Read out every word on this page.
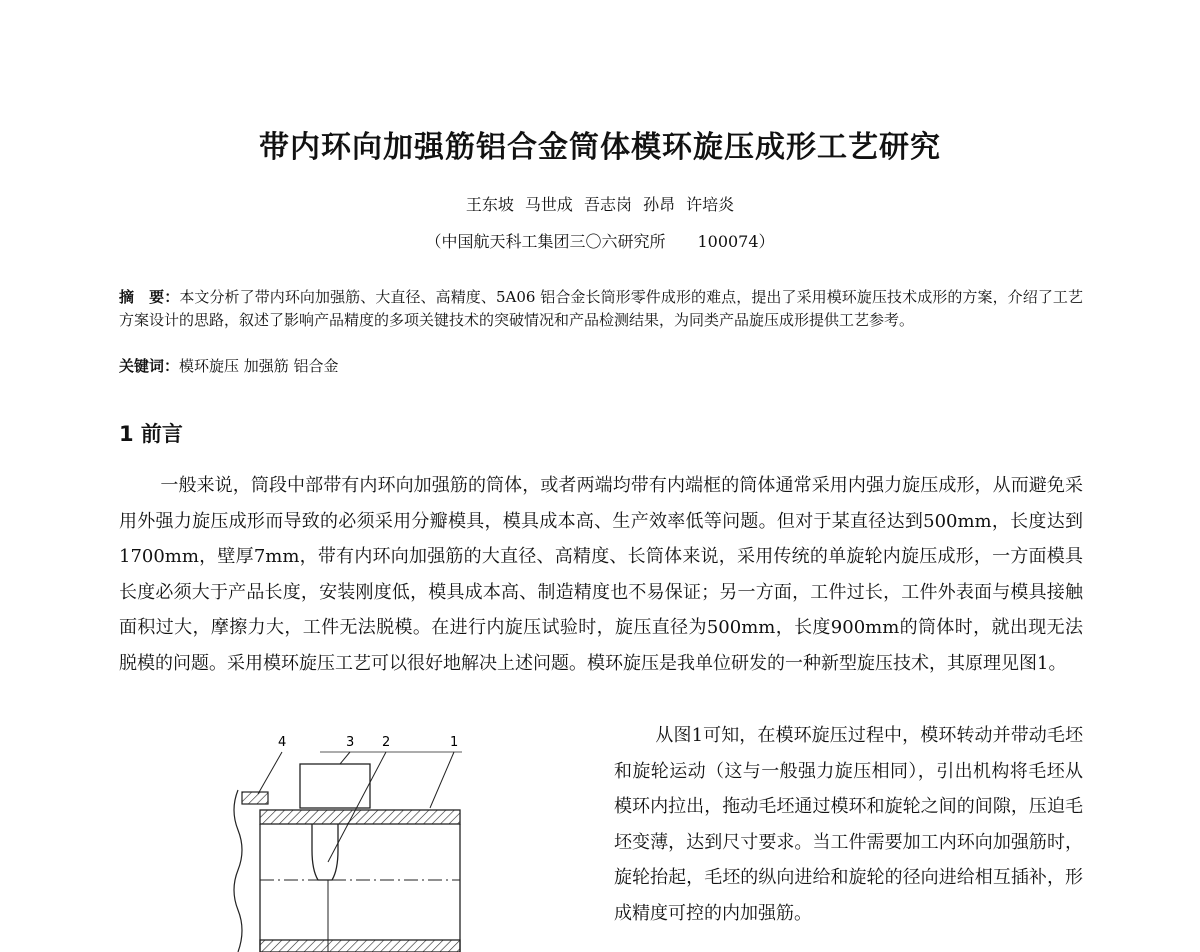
带内环向加强筋铝合金筒体模环旋压成形工艺研究
王东坡 马世成 吾志岗 孙昂 许培炎
（中国航天科工集团三〇六研究所　　100074）
摘　要：本文分析了带内环向加强筋、大直径、高精度、5A06 铝合金长筒形零件成形的难点，提出了采用模环旋压技术成形的方案，介绍了工艺方案设计的思路，叙述了影响产品精度的多项关键技术的突破情况和产品检测结果，为同类产品旋压成形提供工艺参考。
关键词：模环旋压 加强筋 铝合金
1 前言

一般来说，筒段中部带有内环向加强筋的筒体，或者两端均带有内端框的筒体通常采用内强力旋压成形，从而避免采用外强力旋压成形而导致的必须采用分瓣模具，模具成本高、生产效率低等问题。但对于某直径达到500mm，长度达到1700mm，壁厚7mm，带有内环向加强筋的大直径、高精度、长筒体来说，采用传统的单旋轮内旋压成形，一方面模具长度必须大于产品长度，安装刚度低，模具成本高、制造精度也不易保证；另一方面，工件过长，工件外表面与模具接触面积过大，摩擦力大，工件无法脱模。在进行内旋压试验时，旋压直径为500mm，长度900mm的筒体时，就出现无法脱模的问题。采用模环旋压工艺可以很好地解决上述问题。模环旋压是我单位研发的一种新型旋压技术，其原理见图1。

从图1可知，在模环旋压过程中，模环转动并带动毛坯和旋轮运动（这与一般强力旋压相同），引出机构将毛坯从模环内拉出，拖动毛坯通过模环和旋轮之间的间隙，压迫毛坯变薄，达到尺寸要求。当工件需要加工内环向加强筋时，旋轮抬起，毛坯的纵向进给和旋轮的径向进给相互插补，形成精度可控的内加强筋。

4	3 2	1
